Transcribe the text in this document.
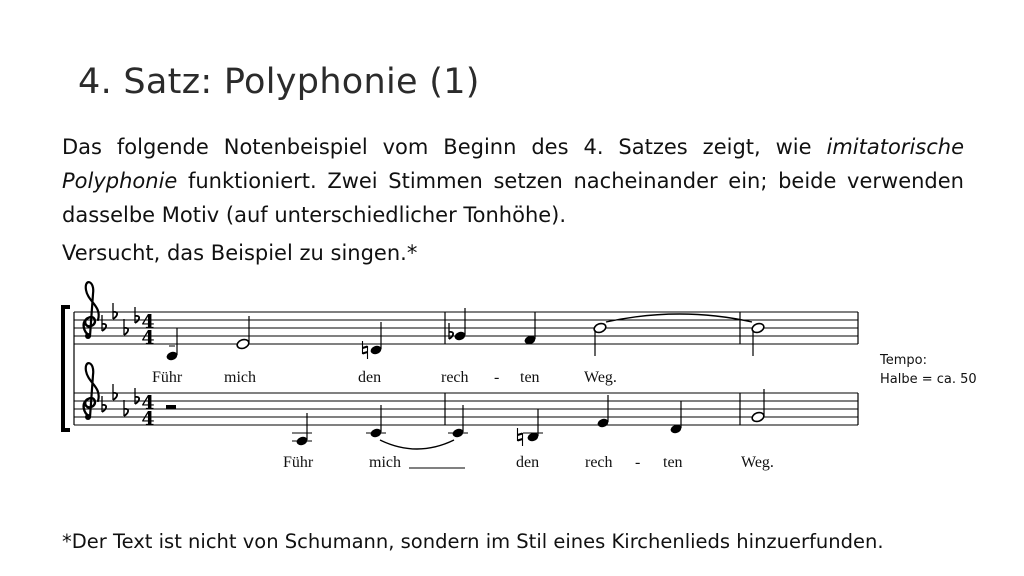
4. Satz: Polyphonie (1)

Das folgende Notenbeispiel vom Beginn des 4. Satzes zeigt, wie imitatorische Polyphonie funktioniert. Zwei Stimmen setzen nacheinander ein; beide verwenden dasselbe Motiv (auf unterschiedlicher Tonhöhe).

Versucht, das Beispiel zu singen.*

4
4
4
4
Führ	mich	den	rech - ten	Weg.
Führ	mich	den	rech - ten	Weg.
Tempo:
Halbe = ca. 50

*Der Text ist nicht von Schumann, sondern im Stil eines Kirchenlieds hinzuerfunden.
